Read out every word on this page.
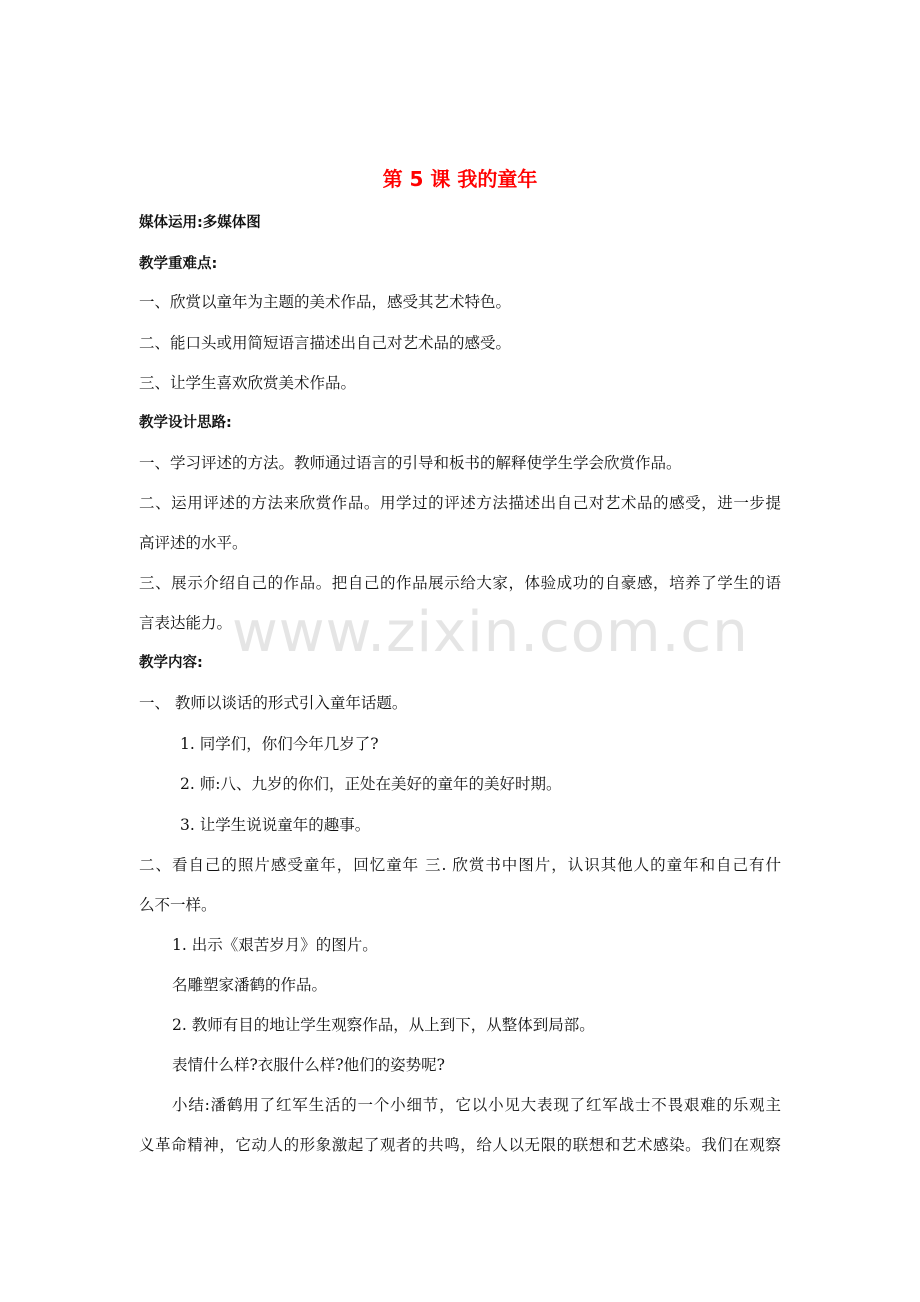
第 5 课 我的童年
媒体运用:多媒体图
教学重难点:
一、欣赏以童年为主题的美术作品，感受其艺术特色。
二、能口头或用简短语言描述出自己对艺术品的感受。
三、让学生喜欢欣赏美术作品。
教学设计思路:
一、学习评述的方法。教师通过语言的引导和板书的解释使学生学会欣赏作品。
二、运用评述的方法来欣赏作品。用学过的评述方法描述出自己对艺术品的感受，进一步提
高评述的水平。
三、展示介绍自己的作品。把自己的作品展示给大家，体验成功的自豪感，培养了学生的语
言表达能力。
教学内容:
一、 教师以谈话的形式引入童年话题。
1. 同学们，你们今年几岁了?
2. 师:八、九岁的你们，正处在美好的童年的美好时期。
3. 让学生说说童年的趣事。
二、看自己的照片感受童年，回忆童年 三. 欣赏书中图片，认识其他人的童年和自己有什
么不一样。
1. 出示《艰苦岁月》的图片。
名雕塑家潘鹤的作品。
2. 教师有目的地让学生观察作品，从上到下，从整体到局部。
表情什么样?衣服什么样?他们的姿势呢?
小结:潘鹤用了红军生活的一个小细节，它以小见大表现了红军战士不畏艰难的乐观主
义革命精神，它动人的形象激起了观者的共鸣，给人以无限的联想和艺术感染。我们在观察
www.zixin.com.cn
